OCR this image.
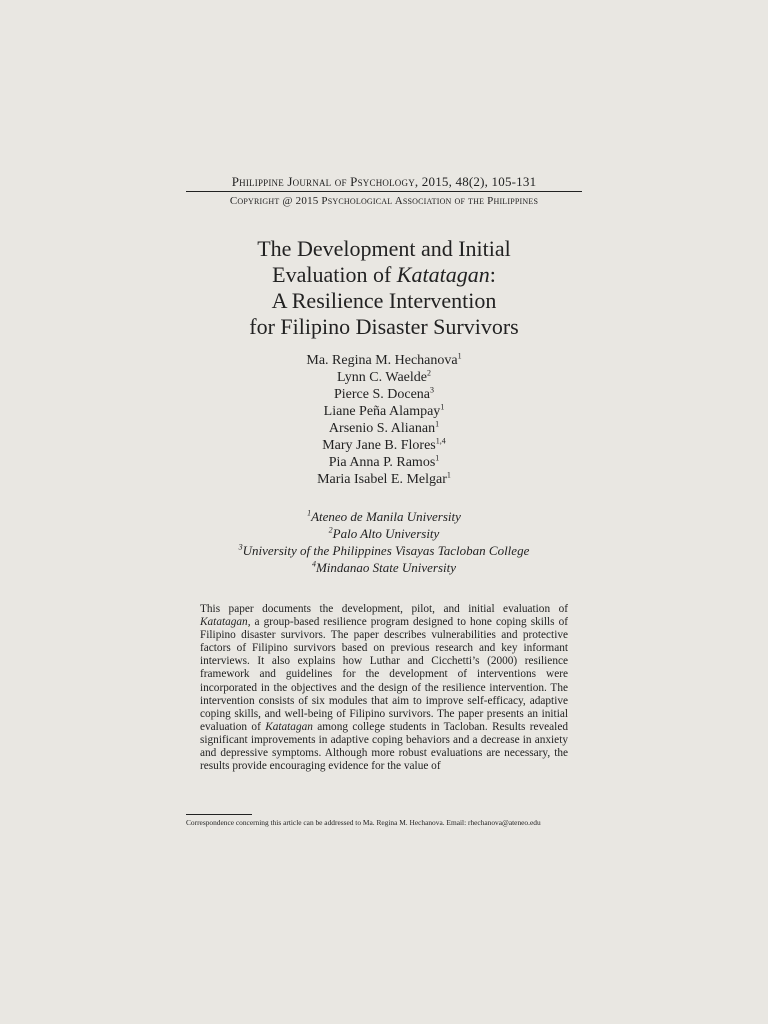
Philippine Journal of Psychology, 2015, 48(2), 105-131
Copyright @ 2015 Psychological Association of the Philippines
The Development and Initial
Evaluation of Katatagan:
A Resilience Intervention
for Filipino Disaster Survivors
Ma. Regina M. Hechanova$^1$
Lynn C. Waelde$^2$
Pierce S. Docena$^3$
Liane Peña Alampay$^1$
Arsenio S. Alianan$^1$
Mary Jane B. Flores$^{1,4}$
Pia Anna P. Ramos$^1$
Maria Isabel E. Melgar$^1$
$^1$Ateneo de Manila University
$^2$Palo Alto University
$^3$University of the Philippines Visayas Tacloban College
$^4$Mindanao State University
This paper documents the development, pilot, and initial evaluation of Katatagan, a group-based resilience program designed to hone coping skills of Filipino disaster survivors. The paper describes vulnerabilities and protective factors of Filipino survivors based on previous research and key informant interviews. It also explains how Luthar and Cicchetti’s (2000) resilience framework and guidelines for the development of interventions were incorporated in the objectives and the design of the resilience intervention. The intervention consists of six modules that aim to improve self-efficacy, adaptive coping skills, and well-being of Filipino survivors. The paper presents an initial evaluation of Katatagan among college students in Tacloban. Results revealed significant improvements in adaptive coping behaviors and a decrease in anxiety and depressive symptoms. Although more robust evaluations are necessary, the results provide encouraging evidence for the value of
Correspondence concerning this article can be addressed to Ma. Regina M. Hechanova. Email: rhechanova@ateneo.edu
